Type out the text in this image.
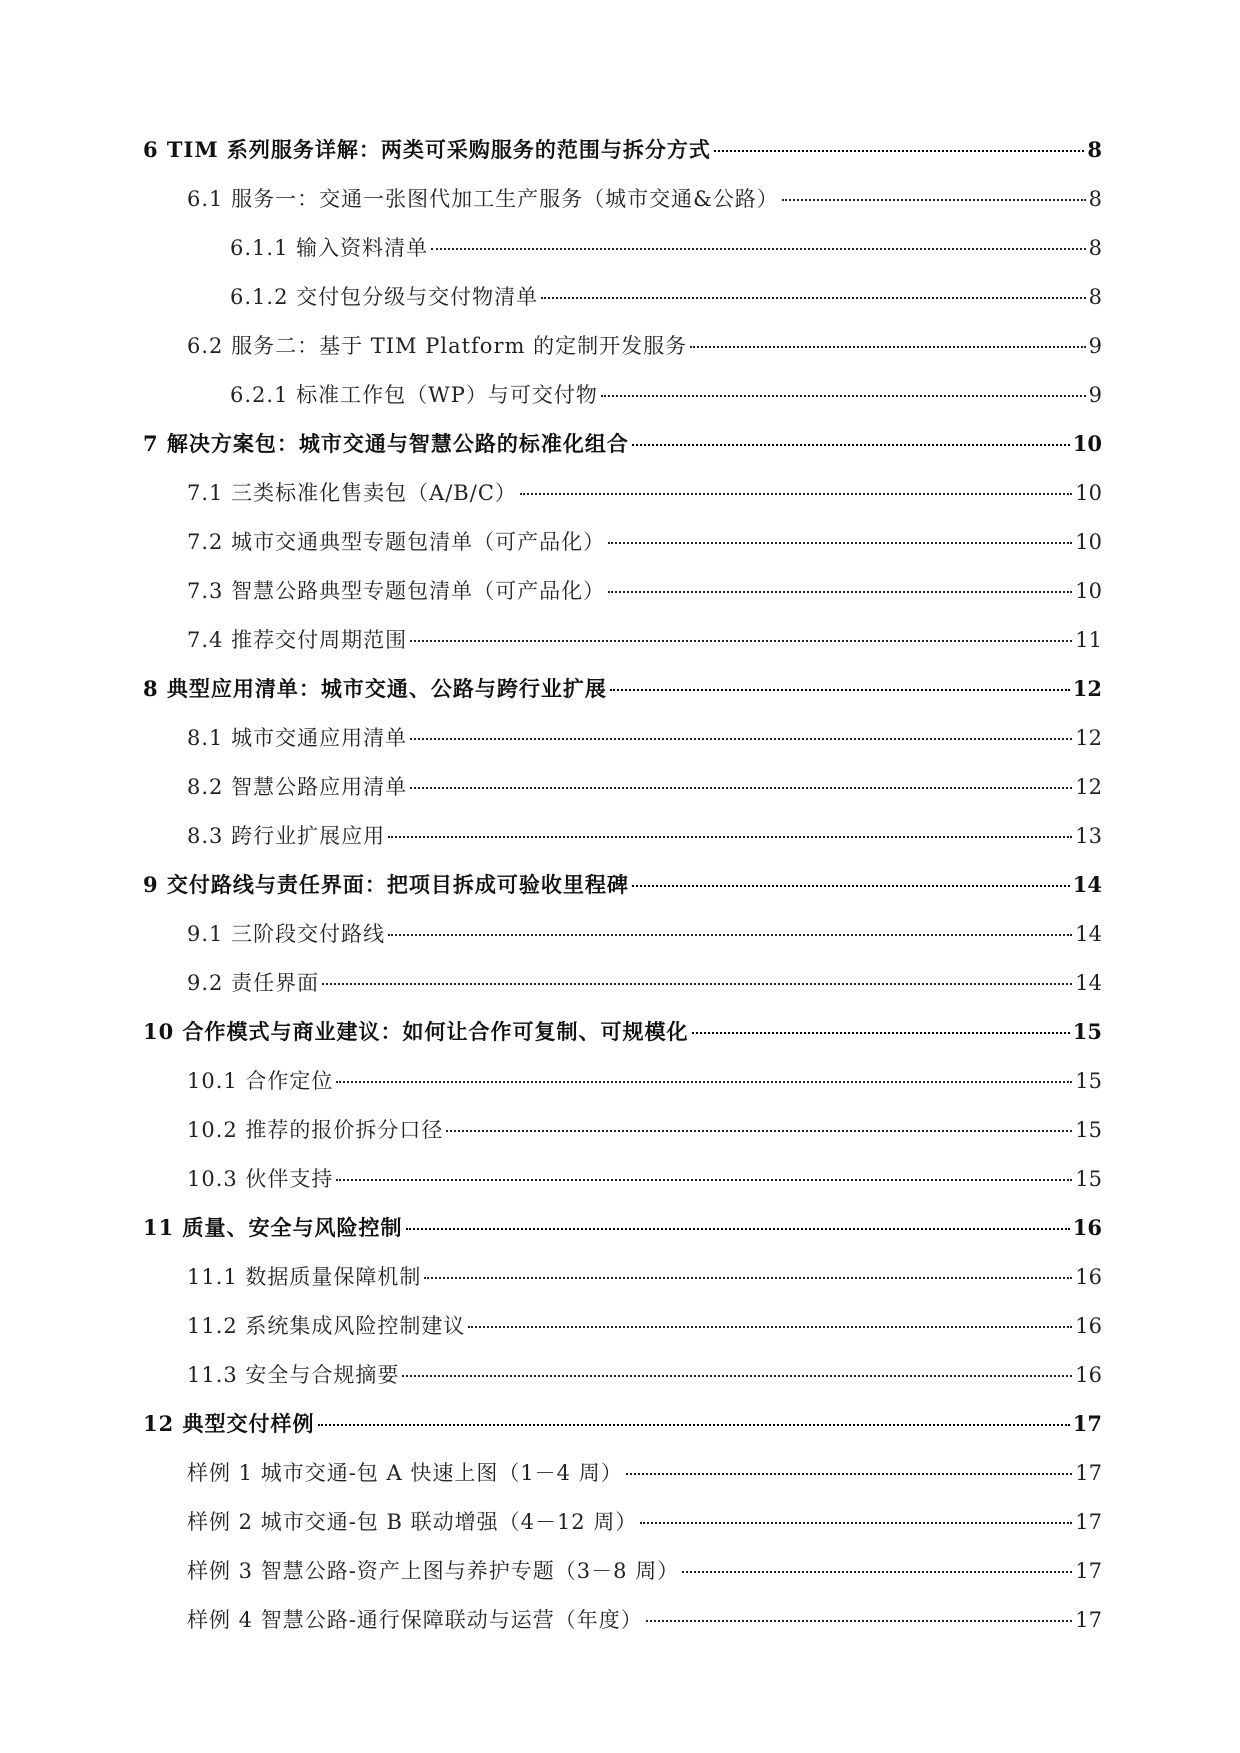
6 TIM 系列服务详解：两类可采购服务的范围与拆分方式	8
6.1 服务一：交通一张图代加工生产服务（城市交通&公路）	8
6.1.1 输入资料清单	8
6.1.2 交付包分级与交付物清单	8
6.2 服务二：基于 TIM Platform 的定制开发服务	9
6.2.1 标准工作包（WP）与可交付物	9
7 解决方案包：城市交通与智慧公路的标准化组合	10
7.1 三类标准化售卖包（A/B/C）	10
7.2 城市交通典型专题包清单（可产品化）	10
7.3 智慧公路典型专题包清单（可产品化）	10
7.4 推荐交付周期范围	11
8 典型应用清单：城市交通、公路与跨行业扩展	12
8.1 城市交通应用清单	12
8.2 智慧公路应用清单	12
8.3 跨行业扩展应用	13
9 交付路线与责任界面：把项目拆成可验收里程碑	14
9.1 三阶段交付路线	14
9.2 责任界面	14
10 合作模式与商业建议：如何让合作可复制、可规模化	15
10.1 合作定位	15
10.2 推荐的报价拆分口径	15
10.3 伙伴支持	15
11 质量、安全与风险控制	16
11.1 数据质量保障机制	16
11.2 系统集成风险控制建议	16
11.3 安全与合规摘要	16
12 典型交付样例	17
样例 1 城市交通-包 A 快速上图（1－4 周）	17
样例 2 城市交通-包 B 联动增强（4－12 周）	17
样例 3 智慧公路-资产上图与养护专题（3－8 周）	17
样例 4 智慧公路-通行保障联动与运营（年度）	17
